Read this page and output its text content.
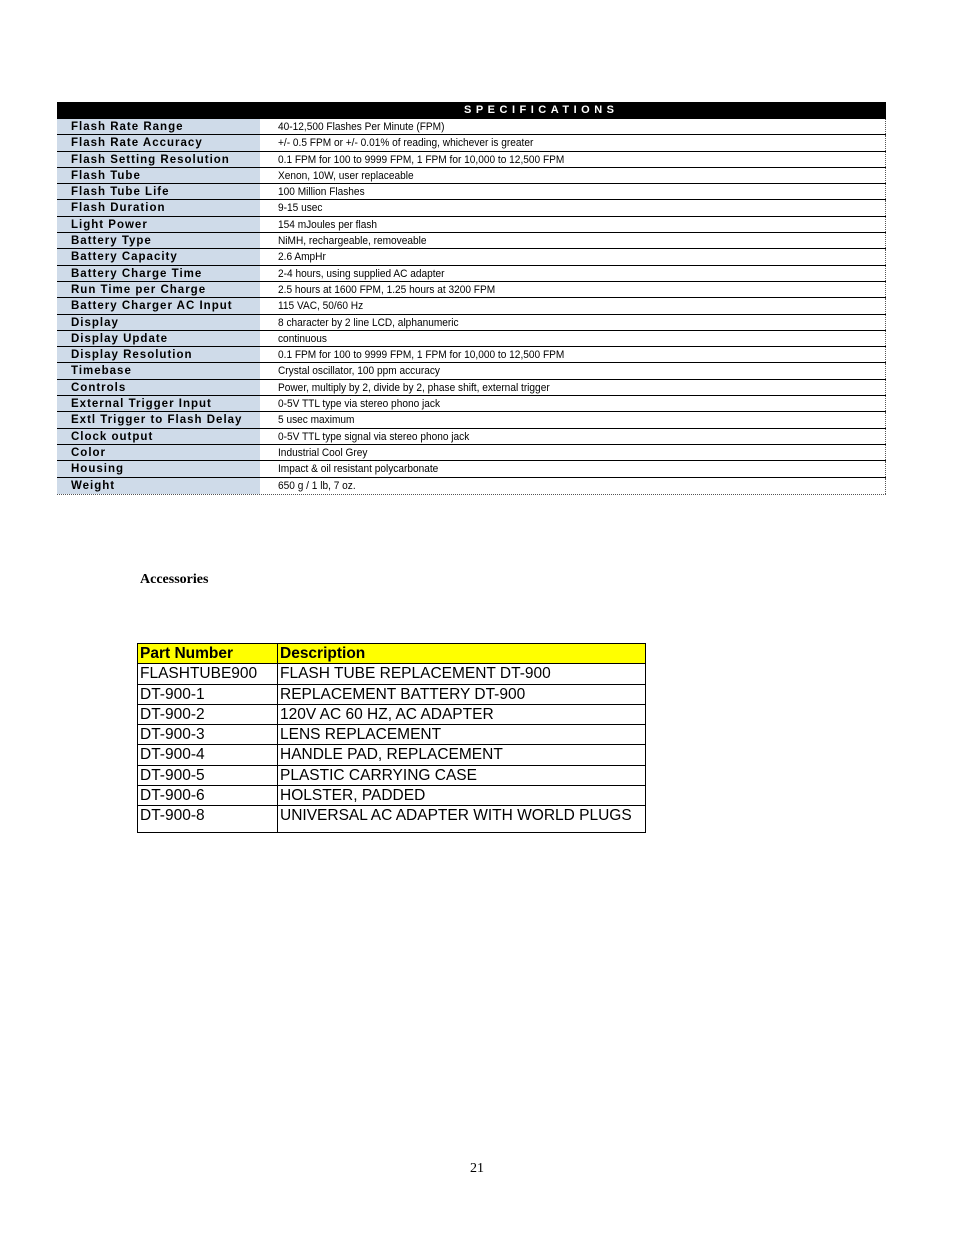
SPECIFICATIONS
Flash Rate Range	40-12,500 Flashes Per Minute (FPM)
Flash Rate Accuracy	+/- 0.5 FPM or +/- 0.01% of reading, whichever is greater
Flash Setting Resolution	0.1 FPM for 100 to 9999 FPM, 1 FPM for 10,000 to 12,500 FPM
Flash Tube	Xenon, 10W, user replaceable
Flash Tube Life	100 Million Flashes
Flash Duration	9-15 usec
Light Power	154 mJoules per flash
Battery Type	NiMH, rechargeable, removeable
Battery Capacity	2.6 AmpHr
Battery Charge Time	2-4 hours, using supplied AC adapter
Run Time per Charge	2.5 hours at 1600 FPM, 1.25 hours at 3200 FPM
Battery Charger AC Input	115 VAC, 50/60 Hz
Display	8 character by 2 line LCD, alphanumeric
Display Update	continuous
Display Resolution	0.1 FPM for 100 to 9999 FPM, 1 FPM for 10,000 to 12,500 FPM
Timebase	Crystal oscillator, 100 ppm accuracy
Controls	Power, multiply by 2, divide by 2, phase shift, external trigger
External Trigger Input	0-5V TTL type via stereo phono jack
Extl Trigger to Flash Delay	5 usec maximum
Clock output	0-5V TTL type signal via stereo phono jack
Color	Industrial Cool Grey
Housing	Impact & oil resistant polycarbonate
Weight	650 g / 1 lb, 7 oz.
Accessories
Part Number	Description
FLASHTUBE900	FLASH TUBE REPLACEMENT DT-900
DT-900-1	REPLACEMENT BATTERY DT-900
DT-900-2	120V AC 60 HZ, AC ADAPTER
DT-900-3	LENS REPLACEMENT
DT-900-4	HANDLE PAD, REPLACEMENT
DT-900-5	PLASTIC CARRYING CASE
DT-900-6	HOLSTER, PADDED
DT-900-8	UNIVERSAL AC ADAPTER WITH WORLD PLUGS
21
